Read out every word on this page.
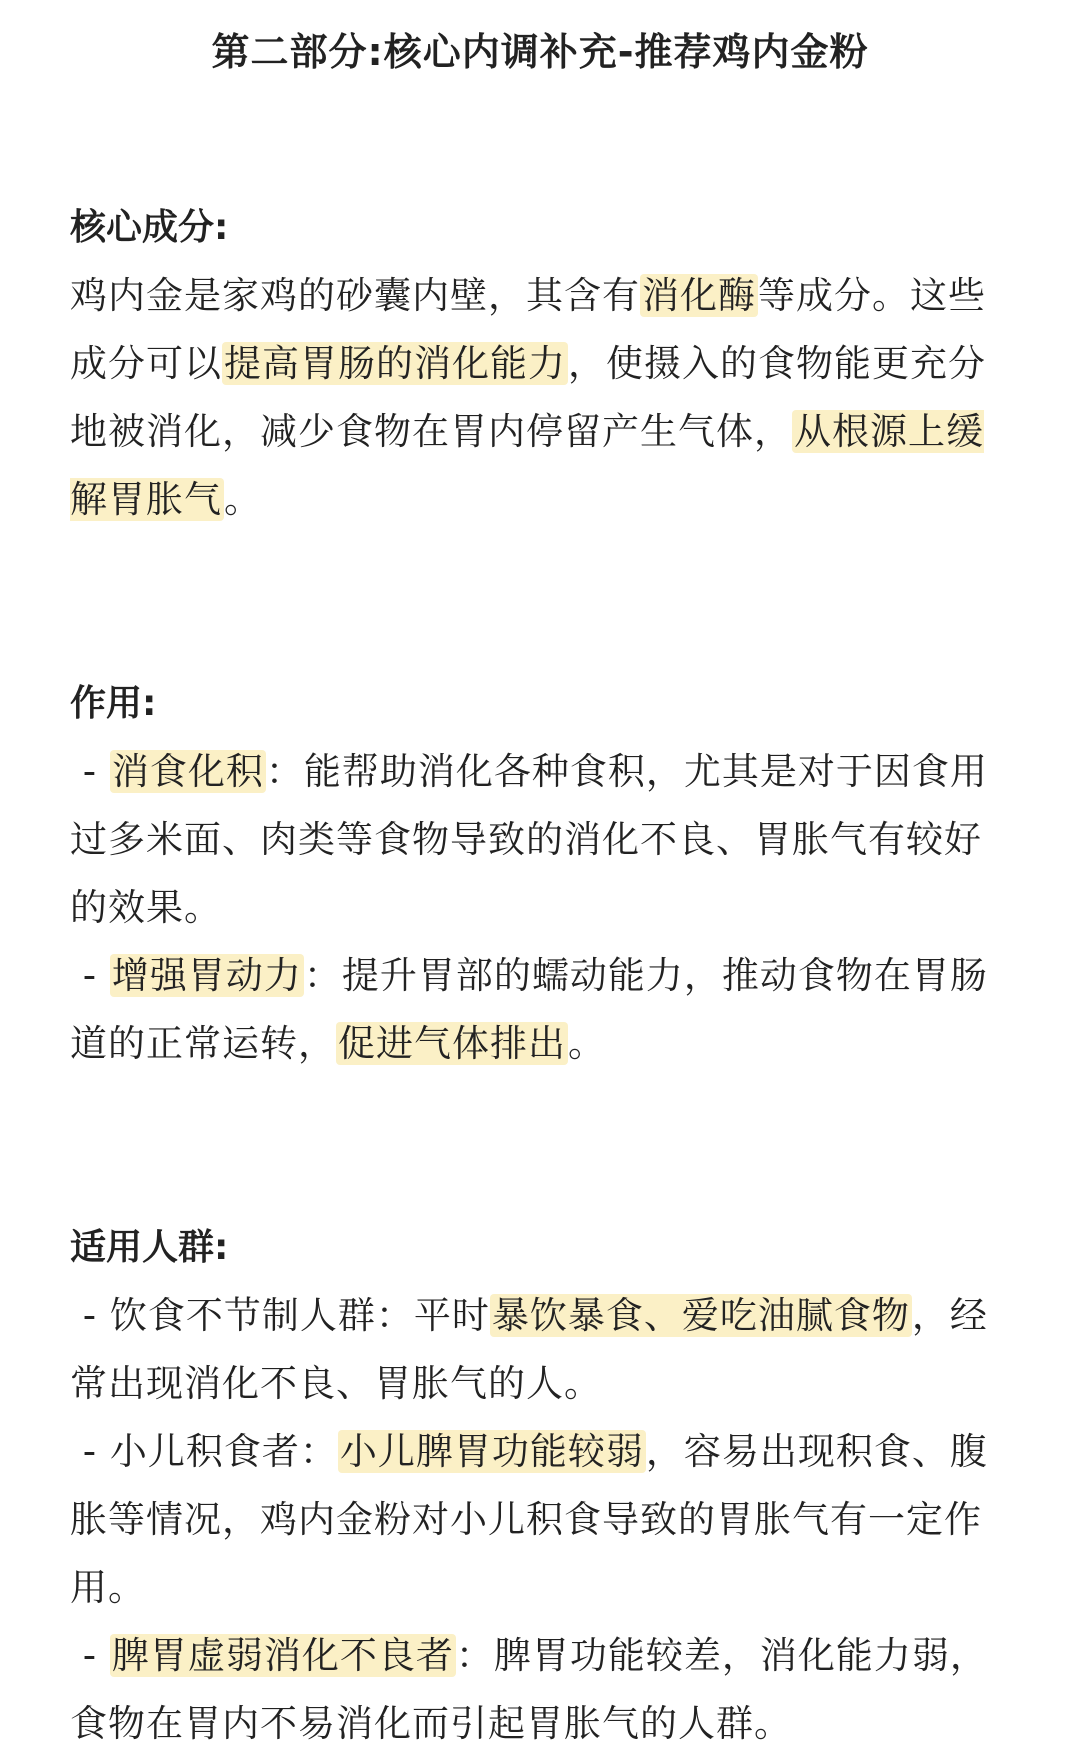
第二部分:核心内调补充-推荐鸡内金粉

核心成分:

鸡内金是家鸡的砂囊内壁，其含有消化酶等成分。这些成分可以提高胃肠的消化能力，使摄入的食物能更充分地被消化，减少食物在胃内停留产生气体，从根源上缓解胃胀气。

作用:

- 消食化积：能帮助消化各种食积，尤其是对于因食用过多米面、肉类等食物导致的消化不良、胃胀气有较好的效果。

- 增强胃动力：提升胃部的蠕动能力，推动食物在胃肠道的正常运转，促进气体排出。

适用人群:

- 饮食不节制人群：平时暴饮暴食、爱吃油腻食物，经常出现消化不良、胃胀气的人。

- 小儿积食者：小儿脾胃功能较弱，容易出现积食、腹胀等情况，鸡内金粉对小儿积食导致的胃胀气有一定作用。

- 脾胃虚弱消化不良者：脾胃功能较差，消化能力弱，食物在胃内不易消化而引起胃胀气的人群。
